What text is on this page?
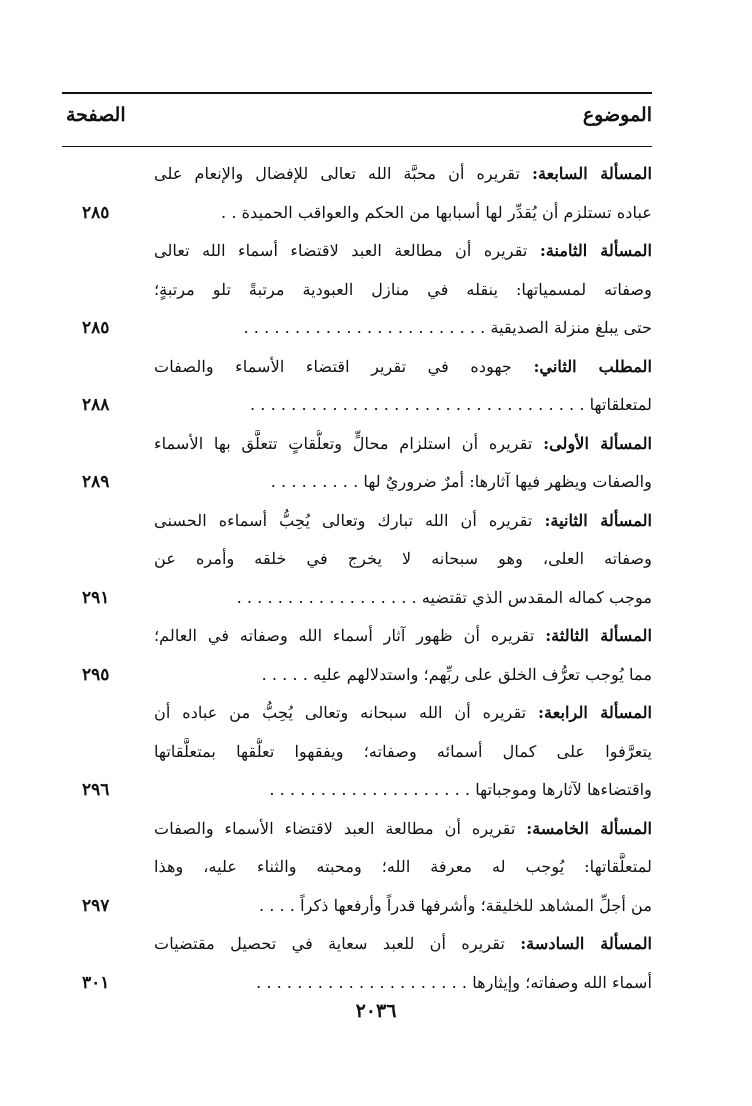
الموضوع
الصفحة
المسألة السابعة: تقريره أن محبَّة الله تعالى للإفضال والإنعام على
عباده تستلزم أن يُقدِّر لها أسبابها من الحكم والعواقب الحميدة . .
٢٨٥
المسألة الثامنة: تقريره أن مطالعة العبد لاقتضاء أسماء الله تعالى
وصفاته لمسمياتها: ينقله في منازل العبودية مرتبةً تلو مرتبةٍ؛
حتى يبلغ منزلة الصديقية . . . . . . . . . . . . . . . . . . . . . . . .
٢٨٥
المطلب الثاني: جهوده في تقرير اقتضاء الأسماء والصفات
لمتعلقاتها . . . . . . . . . . . . . . . . . . . . . . . . . . . . . . . . .
٢٨٨
المسألة الأولى: تقريره أن استلزام محالٍّ وتعلُّقاتٍ تتعلَّق بها الأسماء
والصفات ويظهر فيها آثارها: أمرٌ ضروريٌ لها . . . . . . . . .
٢٨٩
المسألة الثانية: تقريره أن الله تبارك وتعالى يُحِبُّ أسماءه الحسنى
وصفاته العلى، وهو سبحانه لا يخرج في خلقه وأمره عن
موجب كماله المقدس الذي تقتضيه . . . . . . . . . . . . . . . . . .
٢٩١
المسألة الثالثة: تقريره أن ظهور آثار أسماء الله وصفاته في العالم؛
مما يُوجب تعرُّف الخلق على ربِّهم؛ واستدلالهم عليه . . . . .
٢٩٥
المسألة الرابعة: تقريره أن الله سبحانه وتعالى يُحِبُّ من عباده أن
يتعرَّفوا على كمال أسمائه وصفاته؛ ويفقهوا تعلُّقها بمتعلَّقاتها
واقتضاءها لآثارها وموجباتها . . . . . . . . . . . . . . . . . . . .
٢٩٦
المسألة الخامسة: تقريره أن مطالعة العبد لاقتضاء الأسماء والصفات
لمتعلَّقاتها: يُوجب له معرفة الله؛ ومحبته والثناء عليه، وهذا
من أجلِّ المشاهد للخليقة؛ وأشرفها قدراً وأرفعها ذكراً . . . .
٢٩٧
المسألة السادسة: تقريره أن للعبد سعاية في تحصيل مقتضيات
أسماء الله وصفاته؛ وإيثارها . . . . . . . . . . . . . . . . . . . . .
٣٠١
٢٠٣٦
